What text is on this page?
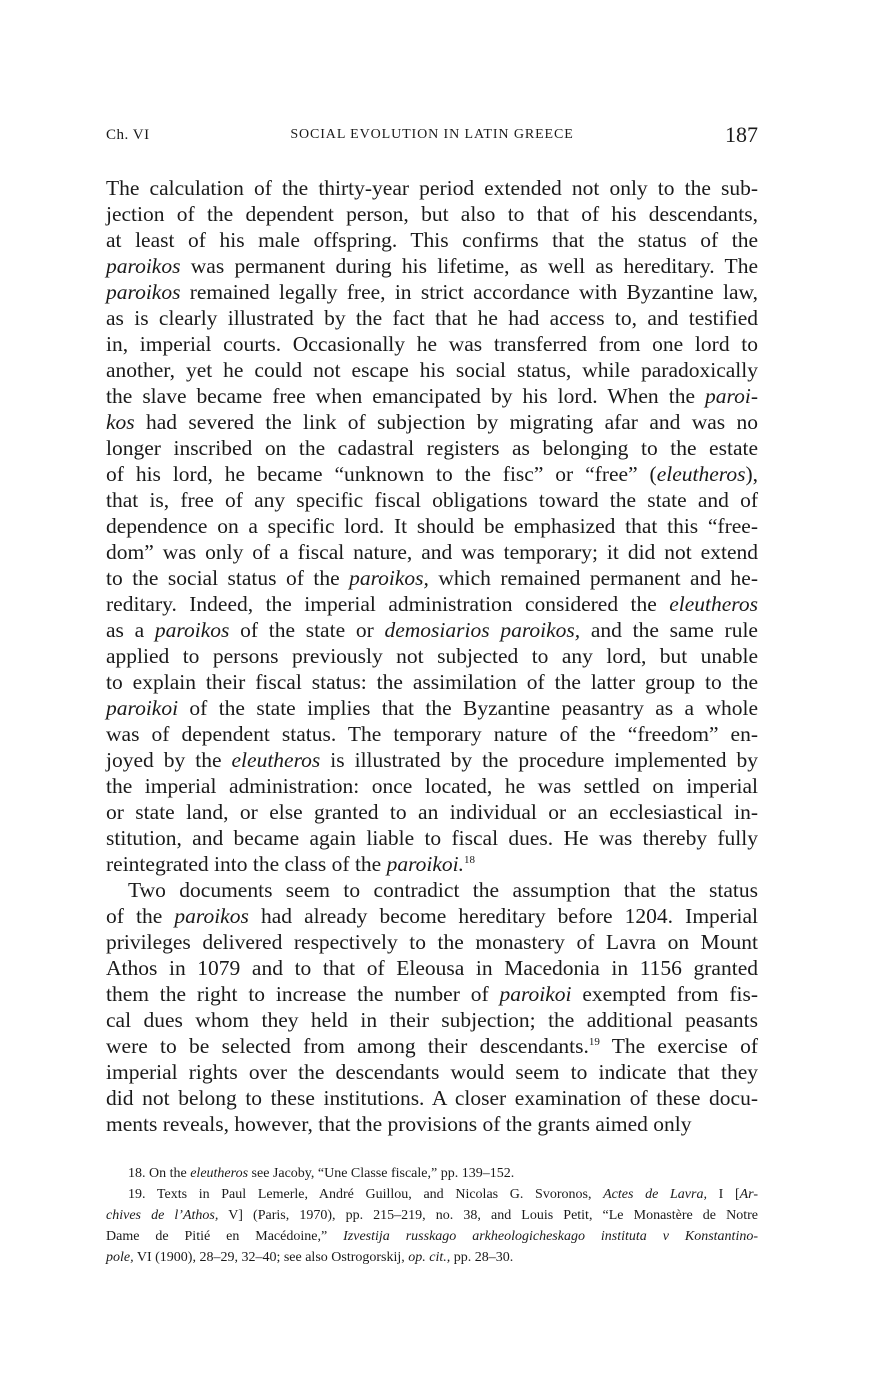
Ch. VI	SOCIAL EVOLUTION IN LATIN GREECE	187
The calculation of the thirty-year period extended not only to the sub-
jection of the dependent person, but also to that of his descendants,
at least of his male offspring. This confirms that the status of the
paroikos was permanent during his lifetime, as well as hereditary. The
paroikos remained legally free, in strict accordance with Byzantine law,
as is clearly illustrated by the fact that he had access to, and testified
in, imperial courts. Occasionally he was transferred from one lord to
another, yet he could not escape his social status, while paradoxically
the slave became free when emancipated by his lord. When the paroi-
kos had severed the link of subjection by migrating afar and was no
longer inscribed on the cadastral registers as belonging to the estate
of his lord, he became “unknown to the fisc” or “free” (eleutheros),
that is, free of any specific fiscal obligations toward the state and of
dependence on a specific lord. It should be emphasized that this “free-
dom” was only of a fiscal nature, and was temporary; it did not extend
to the social status of the paroikos, which remained permanent and he-
reditary. Indeed, the imperial administration considered the eleutheros
as a paroikos of the state or demosiarios paroikos, and the same rule
applied to persons previously not subjected to any lord, but unable
to explain their fiscal status: the assimilation of the latter group to the
paroikoi of the state implies that the Byzantine peasantry as a whole
was of dependent status. The temporary nature of the “freedom” en-
joyed by the eleutheros is illustrated by the procedure implemented by
the imperial administration: once located, he was settled on imperial
or state land, or else granted to an individual or an ecclesiastical in-
stitution, and became again liable to fiscal dues. He was thereby fully
reintegrated into the class of the paroikoi.$^{18}$
Two documents seem to contradict the assumption that the status
of the paroikos had already become hereditary before 1204. Imperial
privileges delivered respectively to the monastery of Lavra on Mount
Athos in 1079 and to that of Eleousa in Macedonia in 1156 granted
them the right to increase the number of paroikoi exempted from fis-
cal dues whom they held in their subjection; the additional peasants
were to be selected from among their descendants.$^{19}$ The exercise of
imperial rights over the descendants would seem to indicate that they
did not belong to these institutions. A closer examination of these docu-
ments reveals, however, that the provisions of the grants aimed only
18. On the eleutheros see Jacoby, “Une Classe fiscale,” pp. 139–152.
19. Texts in Paul Lemerle, André Guillou, and Nicolas G. Svoronos, Actes de Lavra, I [Ar-
chives de l’Athos, V] (Paris, 1970), pp. 215–219, no. 38, and Louis Petit, “Le Monastère de Notre
Dame de Pitié en Macédoine,” Izvestija russkago arkheologicheskago instituta v Konstantino-
pole, VI (1900), 28–29, 32–40; see also Ostrogorskij, op. cit., pp. 28–30.
